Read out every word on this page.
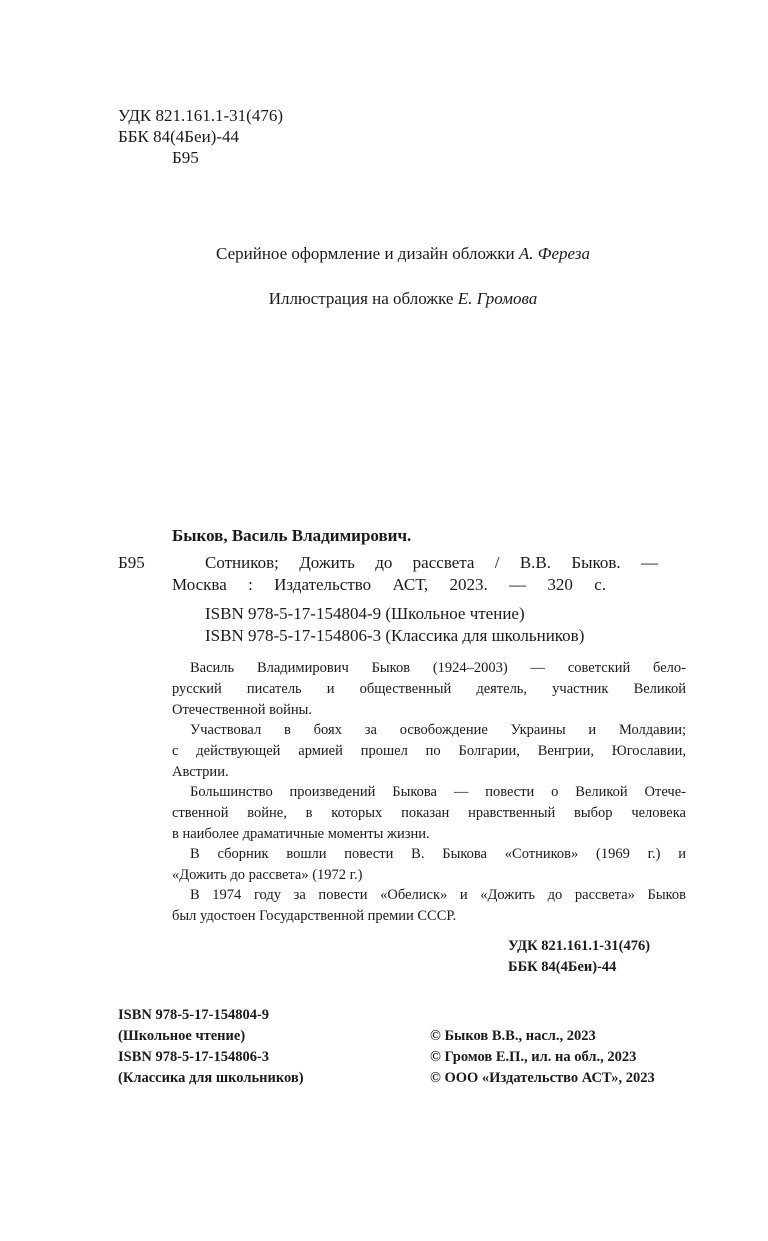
УДК 821.161.1-31(476)
ББК 84(4Беи)-44
Б95
Серийное оформление и дизайн обложки А. Фереза
Иллюстрация на обложке Е. Громова
Быков, Василь Владимирович.
Б95	Сотников; Дожить до рассвета / В.В. Быков. —
Москва : Издательство АСТ, 2023. — 320 с.
ISBN 978-5-17-154804-9 (Школьное чтение)
ISBN 978-5-17-154806-3 (Классика для школьников)
Василь Владимирович Быков (1924–2003) — советский бело-
русский писатель и общественный деятель, участник Великой
Отечественной войны.
Участвовал в боях за освобождение Украины и Молдавии;
с действующей армией прошел по Болгарии, Венгрии, Югославии,
Австрии.
Большинство произведений Быкова — повести о Великой Отече-
ственной войне, в которых показан нравственный выбор человека
в наиболее драматичные моменты жизни.
В сборник вошли повести В. Быкова «Сотников» (1969 г.) и
«Дожить до рассвета» (1972 г.)
В 1974 году за повести «Обелиск» и «Дожить до рассвета» Быков
был удостоен Государственной премии СССР.
УДК 821.161.1-31(476)
ББК 84(4Беи)-44
ISBN 978-5-17-154804-9
(Школьное чтение)
ISBN 978-5-17-154806-3
(Классика для школьников)
© Быков В.В., насл., 2023
© Громов Е.П., ил. на обл., 2023
© ООО «Издательство АСТ», 2023
